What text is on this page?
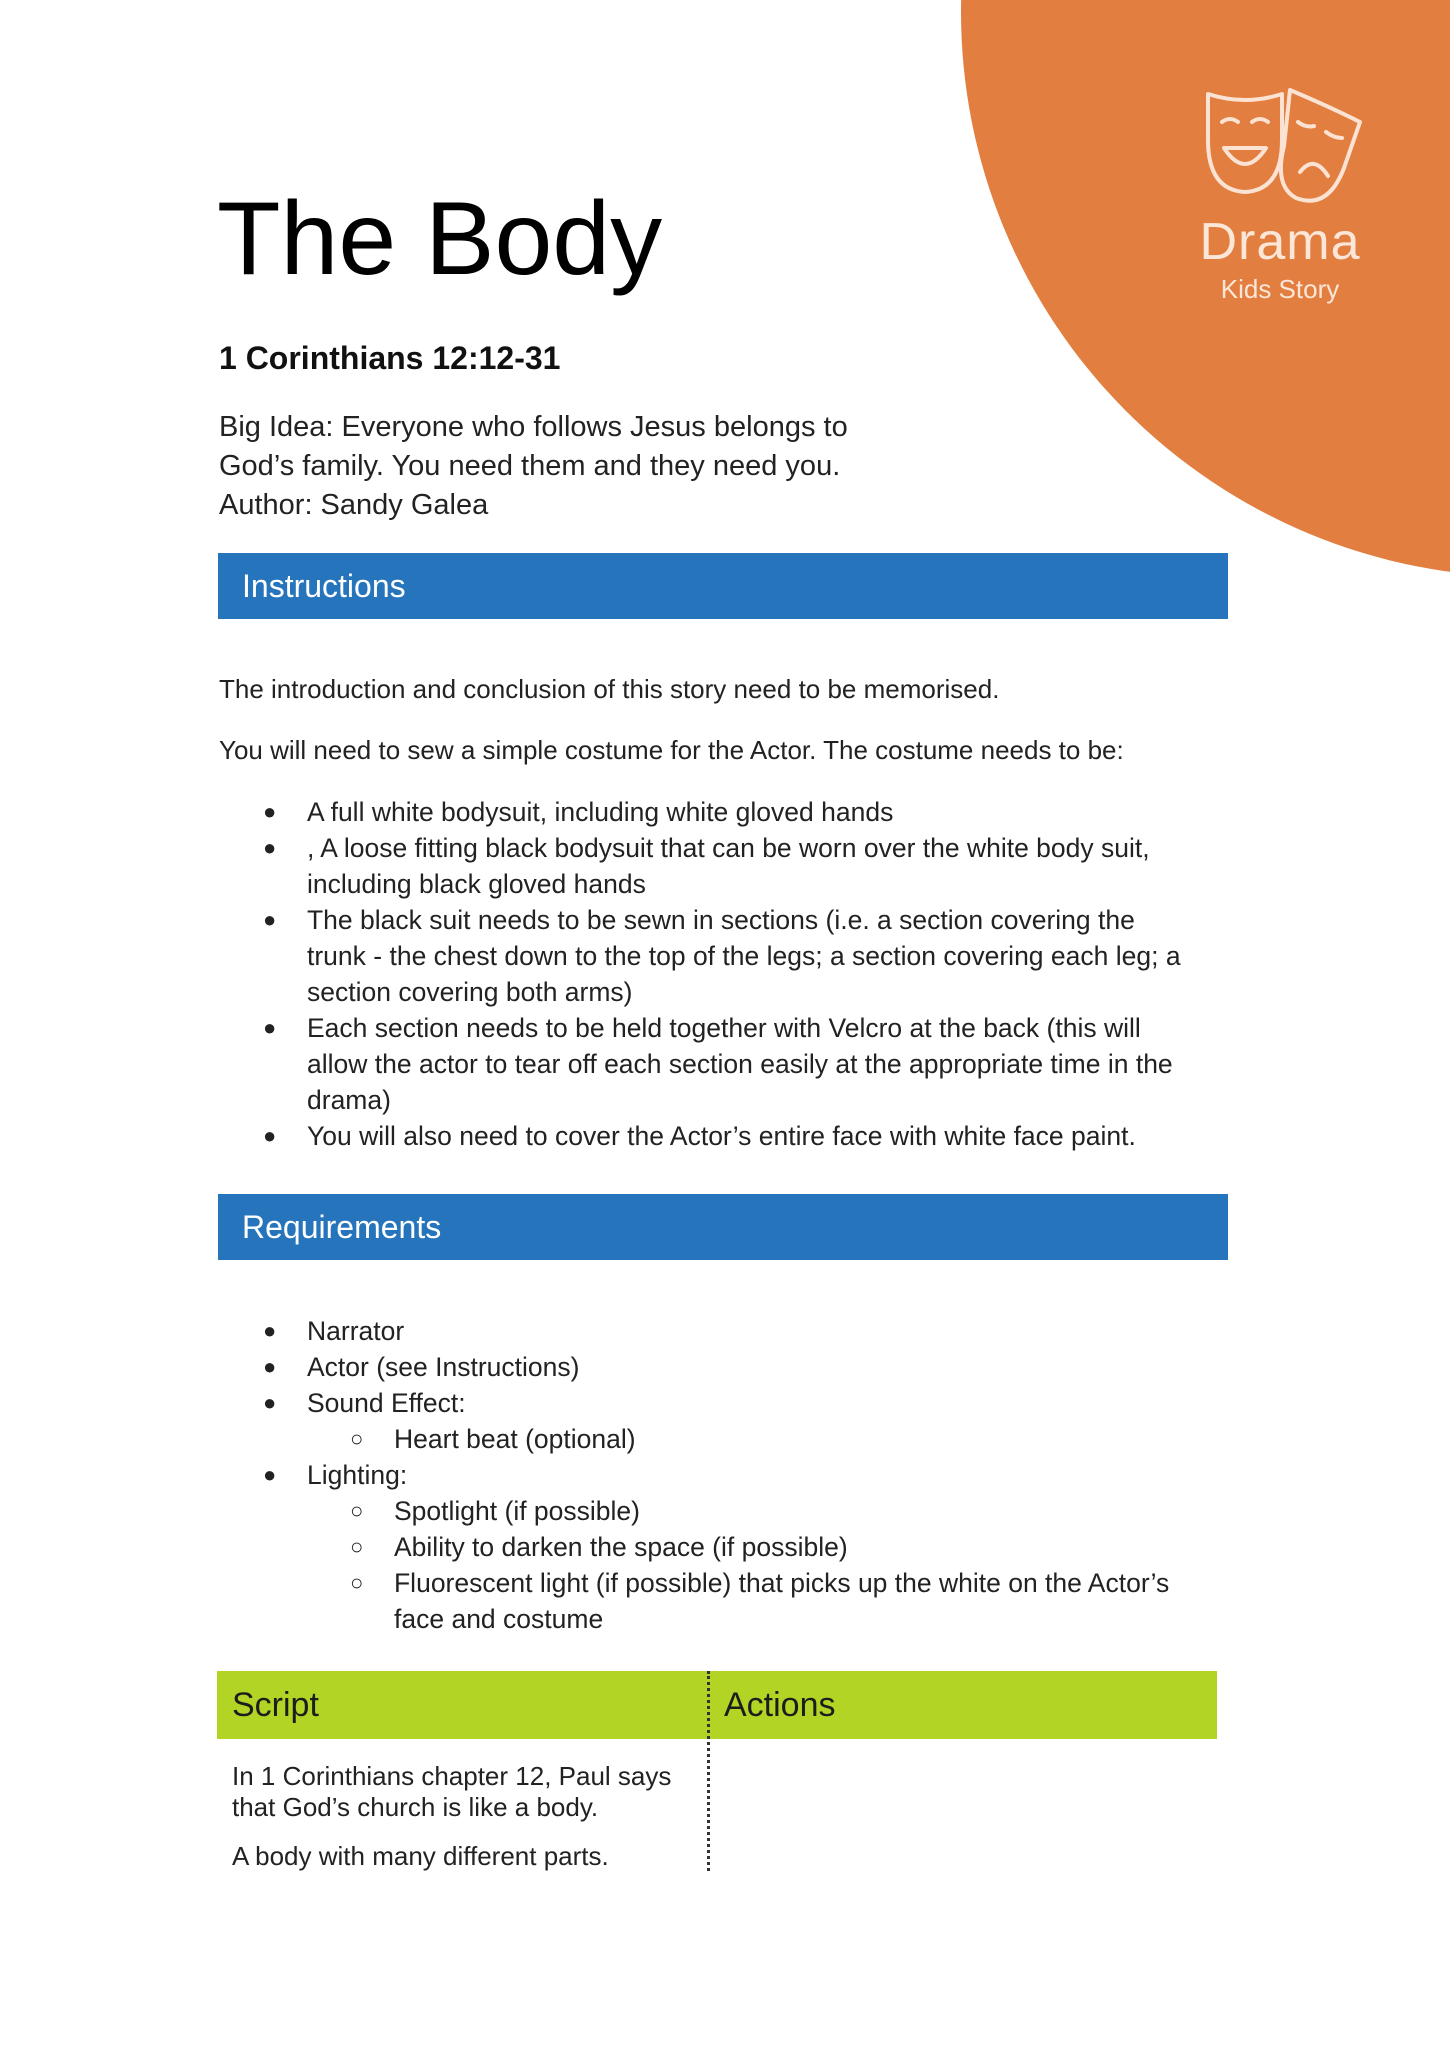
Drama
Kids Story
The Body
1 Corinthians 12:12-31
Big Idea: Everyone who follows Jesus belongs to
God’s family. You need them and they need you.
Author: Sandy Galea
Instructions
The introduction and conclusion of this story need to be memorised.
You will need to sew a simple costume for the Actor. The costume needs to be:
● A full white bodysuit, including white gloved hands
● , A loose fitting black bodysuit that can be worn over the white body suit,
including black gloved hands
● The black suit needs to be sewn in sections (i.e. a section covering the
trunk - the chest down to the top of the legs; a section covering each leg; a
section covering both arms)
● Each section needs to be held together with Velcro at the back (this will
allow the actor to tear off each section easily at the appropriate time in the
drama)
● You will also need to cover the Actor’s entire face with white face paint.
Requirements
● Narrator
● Actor (see Instructions)
● Sound Effect:
○ Heart beat (optional)
● Lighting:
○ Spotlight (if possible)
○ Ability to darken the space (if possible)
○ Fluorescent light (if possible) that picks up the white on the Actor’s
face and costume
Script	Actions

In 1 Corinthians chapter 12, Paul says
that God’s church is like a body.

A body with many different parts.
